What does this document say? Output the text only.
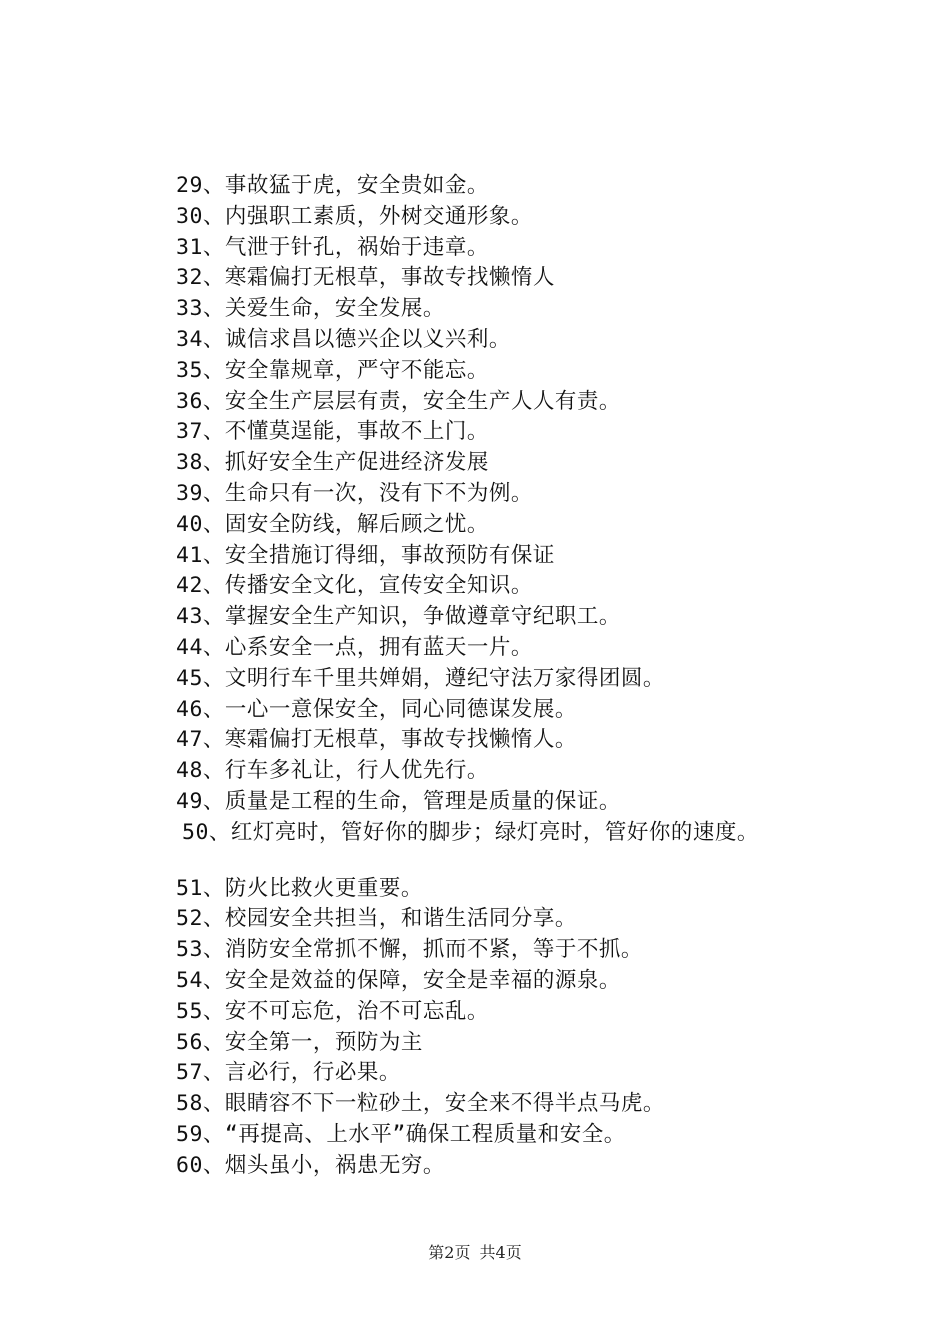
29、事故猛于虎，安全贵如金。
30、内强职工素质，外树交通形象。
31、气泄于针孔，祸始于违章。
32、寒霜偏打无根草，事故专找懒惰人
33、关爱生命，安全发展。
34、诚信求昌以德兴企以义兴利。
35、安全靠规章，严守不能忘。
36、安全生产层层有责，安全生产人人有责。
37、不懂莫逞能，事故不上门。
38、抓好安全生产促进经济发展
39、生命只有一次，没有下不为例。
40、固安全防线，解后顾之忧。
41、安全措施订得细，事故预防有保证
42、传播安全文化，宣传安全知识。
43、掌握安全生产知识，争做遵章守纪职工。
44、心系安全一点，拥有蓝天一片。
45、文明行车千里共婵娟，遵纪守法万家得团圆。
46、一心一意保安全，同心同德谋发展。
47、寒霜偏打无根草，事故专找懒惰人。
48、行车多礼让，行人优先行。
49、质量是工程的生命，管理是质量的保证。
50、红灯亮时，管好你的脚步；绿灯亮时，管好你的速度。
51、防火比救火更重要。
52、校园安全共担当，和谐生活同分享。
53、消防安全常抓不懈，抓而不紧，等于不抓。
54、安全是效益的保障，安全是幸福的源泉。
55、安不可忘危，治不可忘乱。
56、安全第一，预防为主
57、言必行，行必果。
58、眼睛容不下一粒砂土，安全来不得半点马虎。
59、“再提高、上水平”确保工程质量和安全。
60、烟头虽小，祸患无穷。
第2页 共4页
